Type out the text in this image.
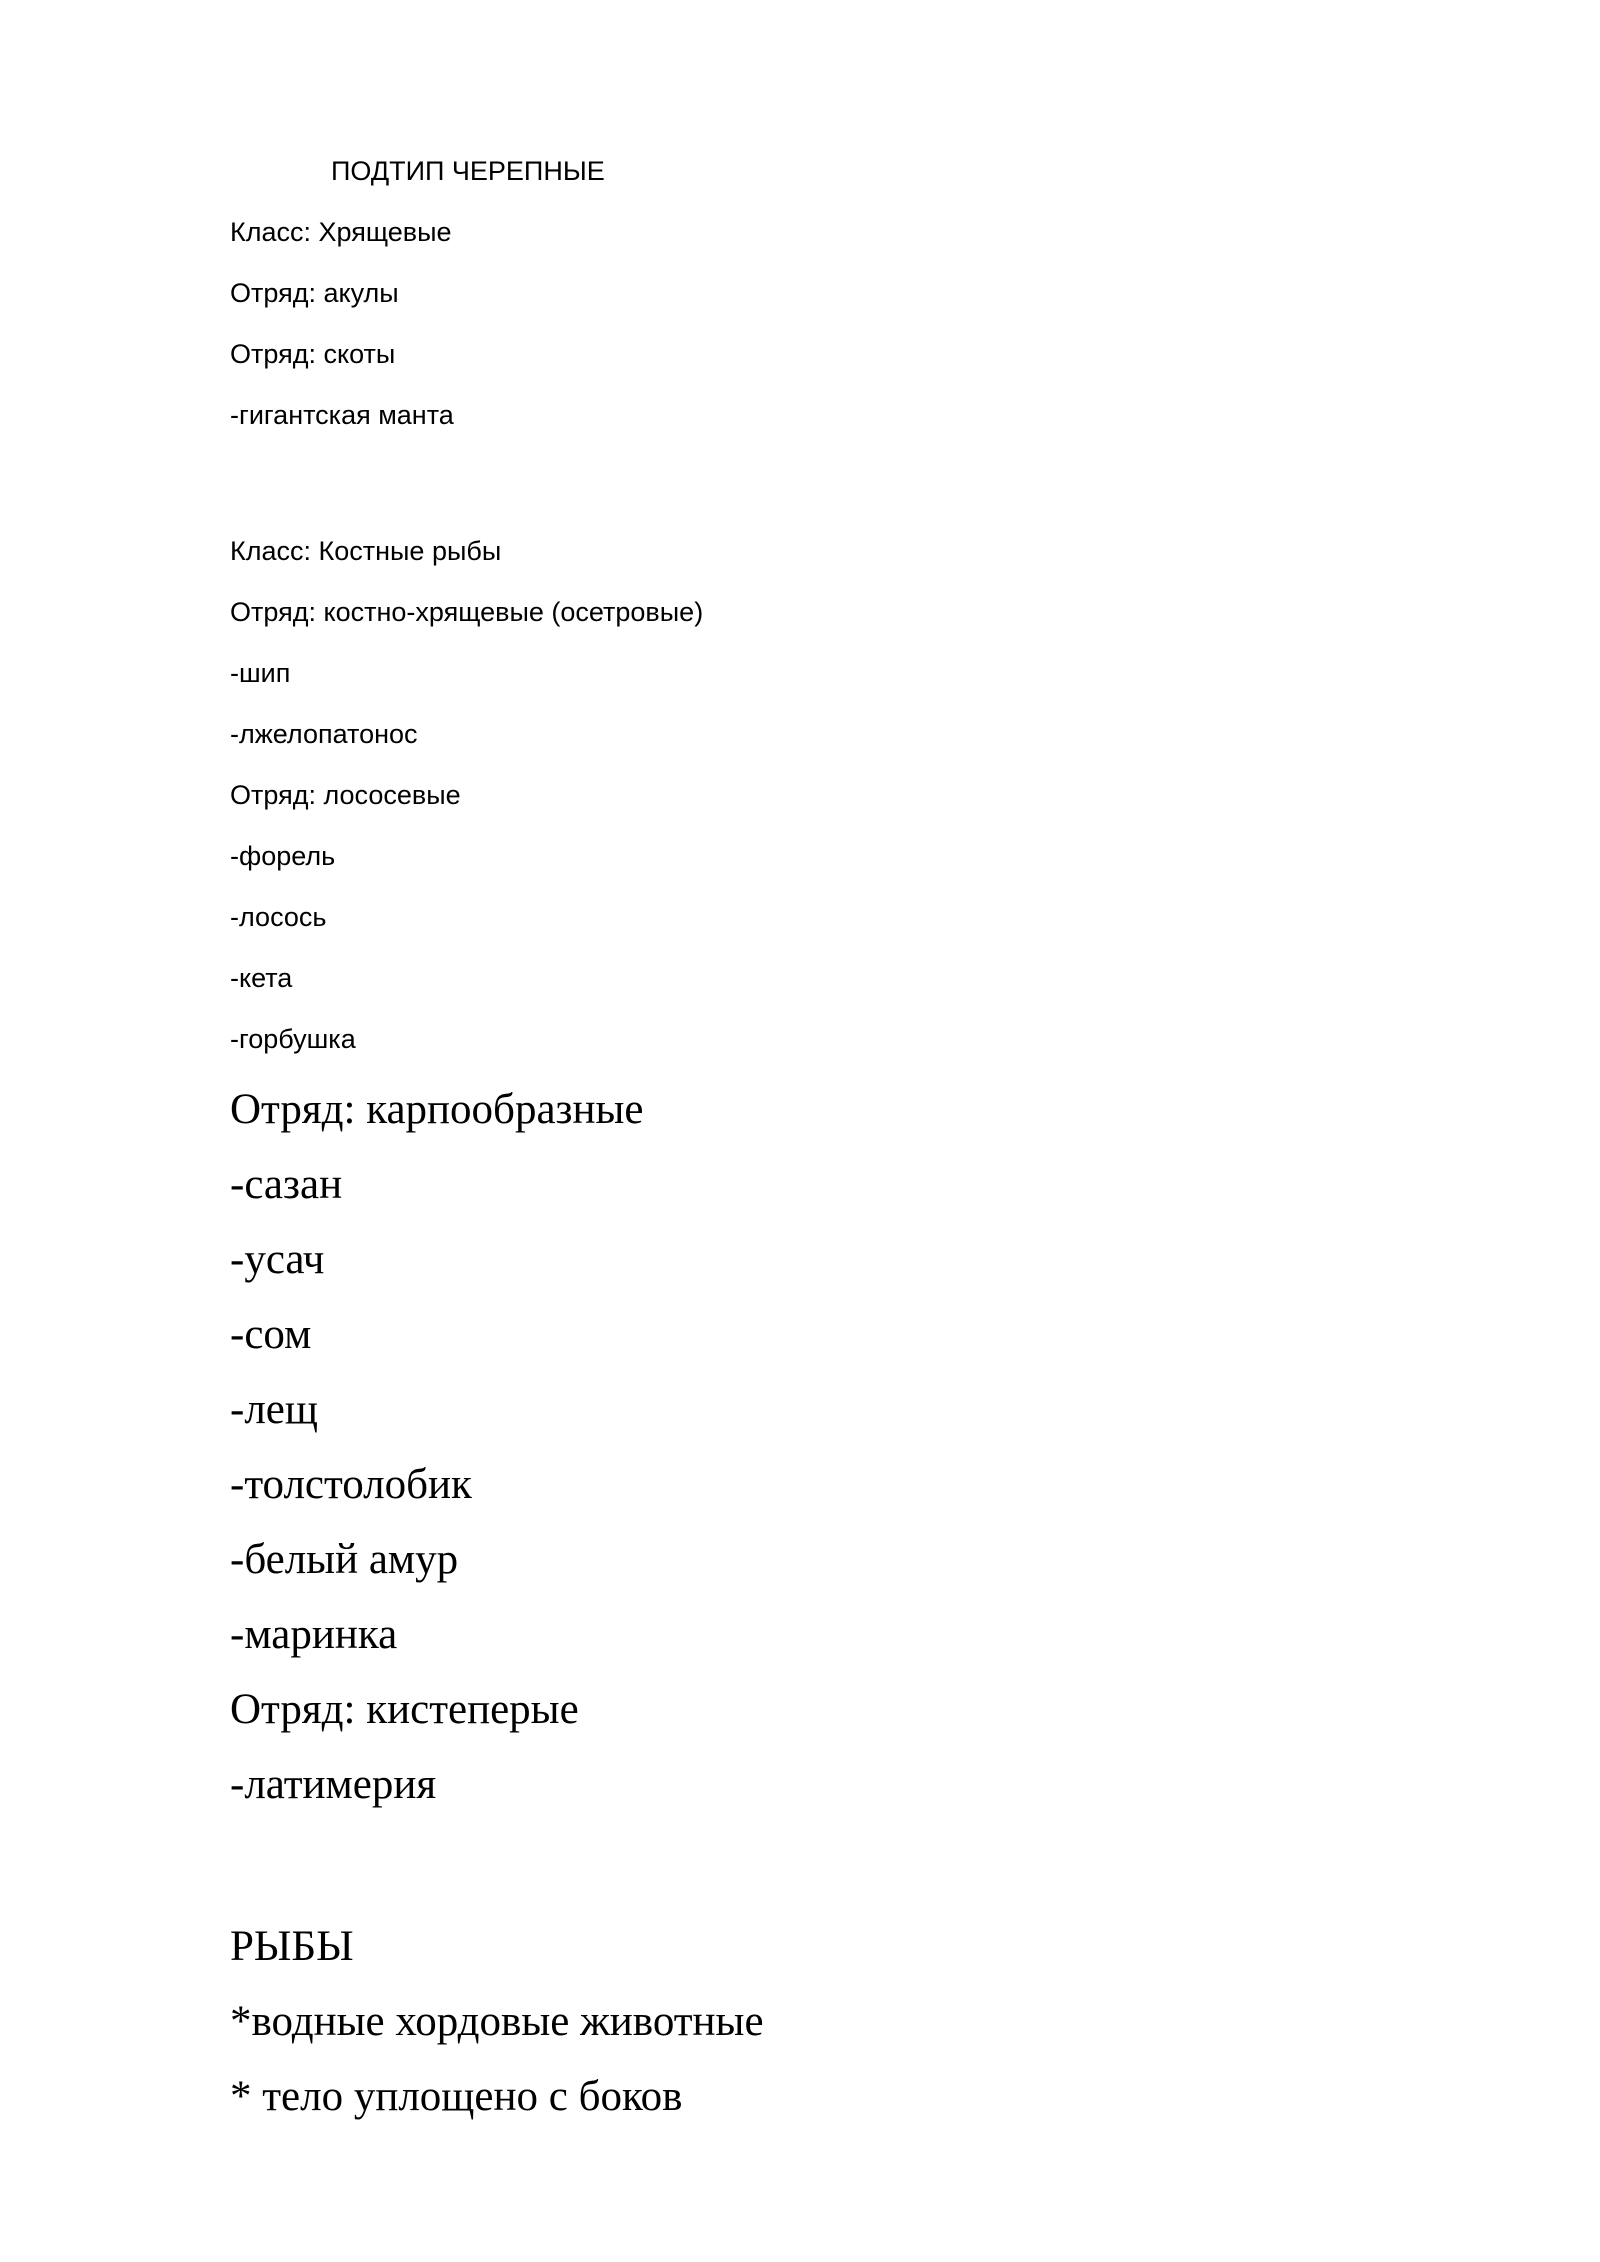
ПОДТИП ЧЕРЕПНЫЕ
Класс: Хрящевые
Отряд: акулы
Отряд: скоты
-гигантская манта
Класс: Костные рыбы
Отряд: костно-хрящевые (осетровые)
-шип
-лжелопатонос
Отряд: лососевые
-форель
-лосось
-кета
-горбушка
Отряд: карпообразные
-сазан
-усач
-сом
-лещ
-толстолобик
-белый амур
-маринка
Отряд: кистеперые
-латимерия
РЫБЫ
*водные хордовые животные
* тело уплощено с боков
